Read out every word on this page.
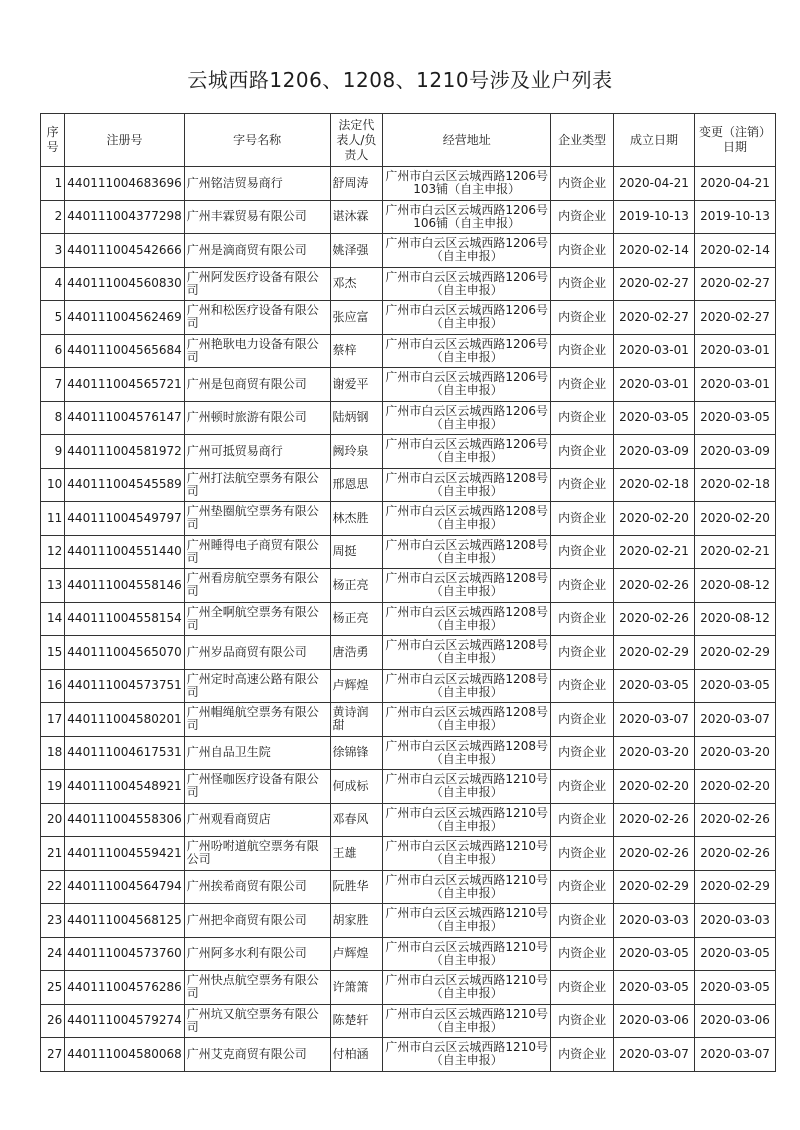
云城西路1206、1208、1210号涉及业户列表
序号	注册号	字号名称	法定代表人/负责人	经营地址	企业类型	成立日期	变更（注销）日期
1	440111004683696	广州铭洁贸易商行	舒周涛	广州市白云区云城西路1206号103铺（自主申报）	内资企业	2020-04-21	2020-04-21
2	440111004377298	广州丰霖贸易有限公司	谌沐霖	广州市白云区云城西路1206号106铺（自主申报）	内资企业	2019-10-13	2019-10-13
3	440111004542666	广州是滴商贸有限公司	姚泽强	广州市白云区云城西路1206号（自主申报）	内资企业	2020-02-14	2020-02-14
4	440111004560830	广州阿发医疗设备有限公司	邓杰	广州市白云区云城西路1206号（自主申报）	内资企业	2020-02-27	2020-02-27
5	440111004562469	广州和松医疗设备有限公司	张应富	广州市白云区云城西路1206号（自主申报）	内资企业	2020-02-27	2020-02-27
6	440111004565684	广州艳耿电力设备有限公司	蔡梓	广州市白云区云城西路1206号（自主申报）	内资企业	2020-03-01	2020-03-01
7	440111004565721	广州是包商贸有限公司	谢爱平	广州市白云区云城西路1206号（自主申报）	内资企业	2020-03-01	2020-03-01
8	440111004576147	广州顿时旅游有限公司	陆炳钢	广州市白云区云城西路1206号（自主申报）	内资企业	2020-03-05	2020-03-05
9	440111004581972	广州可抵贸易商行	阙玲泉	广州市白云区云城西路1206号（自主申报）	内资企业	2020-03-09	2020-03-09
10	440111004545589	广州打法航空票务有限公司	邢恩思	广州市白云区云城西路1208号（自主申报）	内资企业	2020-02-18	2020-02-18
11	440111004549797	广州垫圈航空票务有限公司	林杰胜	广州市白云区云城西路1208号（自主申报）	内资企业	2020-02-20	2020-02-20
12	440111004551440	广州睡得电子商贸有限公司	周挺	广州市白云区云城西路1208号（自主申报）	内资企业	2020-02-21	2020-02-21
13	440111004558146	广州看房航空票务有限公司	杨正亮	广州市白云区云城西路1208号（自主申报）	内资企业	2020-02-26	2020-08-12
14	440111004558154	广州全啊航空票务有限公司	杨正亮	广州市白云区云城西路1208号（自主申报）	内资企业	2020-02-26	2020-08-12
15	440111004565070	广州岁品商贸有限公司	唐浩勇	广州市白云区云城西路1208号（自主申报）	内资企业	2020-02-29	2020-02-29
16	440111004573751	广州定时高速公路有限公司	卢辉煌	广州市白云区云城西路1208号（自主申报）	内资企业	2020-03-05	2020-03-05
17	440111004580201	广州帽绳航空票务有限公司	黄诗润甜	广州市白云区云城西路1208号（自主申报）	内资企业	2020-03-07	2020-03-07
18	440111004617531	广州自品卫生院	徐锦锋	广州市白云区云城西路1208号（自主申报）	内资企业	2020-03-20	2020-03-20
19	440111004548921	广州怪咖医疗设备有限公司	何成标	广州市白云区云城西路1210号（自主申报）	内资企业	2020-02-20	2020-02-20
20	440111004558306	广州观看商贸店	邓春风	广州市白云区云城西路1210号（自主申报）	内资企业	2020-02-26	2020-02-26
21	440111004559421	广州吩咐道航空票务有限公司	王雄	广州市白云区云城西路1210号（自主申报）	内资企业	2020-02-26	2020-02-26
22	440111004564794	广州挨希商贸有限公司	阮胜华	广州市白云区云城西路1210号（自主申报）	内资企业	2020-02-29	2020-02-29
23	440111004568125	广州把伞商贸有限公司	胡家胜	广州市白云区云城西路1210号（自主申报）	内资企业	2020-03-03	2020-03-03
24	440111004573760	广州阿多水利有限公司	卢辉煌	广州市白云区云城西路1210号（自主申报）	内资企业	2020-03-05	2020-03-05
25	440111004576286	广州快点航空票务有限公司	许箫箫	广州市白云区云城西路1210号（自主申报）	内资企业	2020-03-05	2020-03-05
26	440111004579274	广州坑又航空票务有限公司	陈楚轩	广州市白云区云城西路1210号（自主申报）	内资企业	2020-03-06	2020-03-06
27	440111004580068	广州艾克商贸有限公司	付柏涵	广州市白云区云城西路1210号（自主申报）	内资企业	2020-03-07	2020-03-07
